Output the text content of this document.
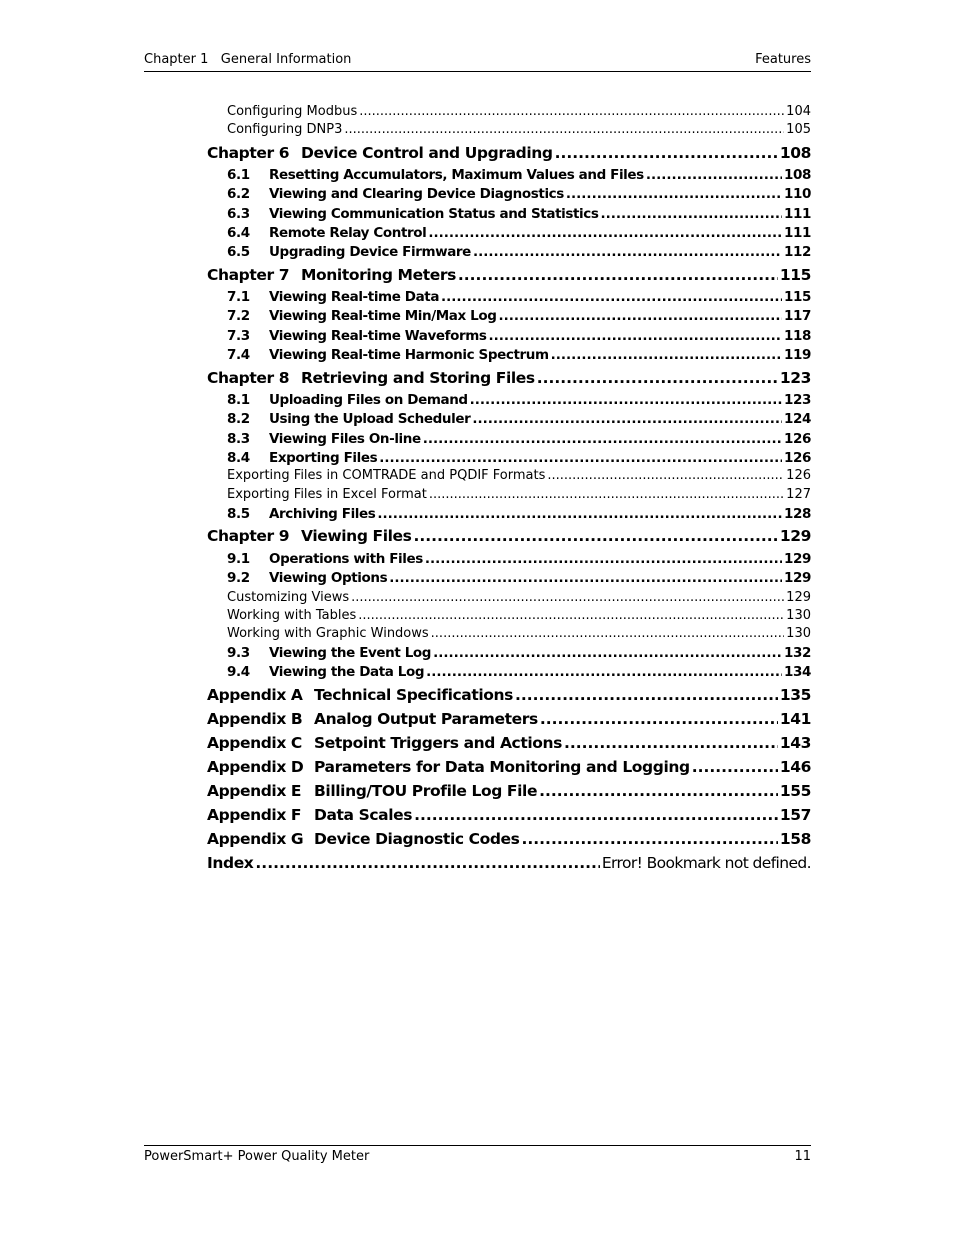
Chapter 1   General Information	Features
Configuring Modbus .....	104
Configuring DNP3 .....	105
Chapter 6 Device Control and Upgrading .....	108
6.1 Resetting Accumulators, Maximum Values and Files .....	108
6.2 Viewing and Clearing Device Diagnostics .....	110
6.3 Viewing Communication Status and Statistics .....	111
6.4 Remote Relay Control .....	111
6.5 Upgrading Device Firmware .....	112
Chapter 7 Monitoring Meters .....	115
7.1 Viewing Real-time Data .....	115
7.2 Viewing Real-time Min/Max Log .....	117
7.3 Viewing Real-time Waveforms .....	118
7.4 Viewing Real-time Harmonic Spectrum .....	119
Chapter 8 Retrieving and Storing Files .....	123
8.1 Uploading Files on Demand .....	123
8.2 Using the Upload Scheduler .....	124
8.3 Viewing Files On-line .....	126
8.4 Exporting Files .....	126
Exporting Files in COMTRADE and PQDIF Formats .....	126
Exporting Files in Excel Format .....	127
8.5 Archiving Files .....	128
Chapter 9 Viewing Files .....	129
9.1 Operations with Files .....	129
9.2 Viewing Options .....	129
Customizing Views .....	129
Working with Tables .....	130
Working with Graphic Windows .....	130
9.3 Viewing the Event Log .....	132
9.4 Viewing the Data Log .....	134
Appendix A Technical Specifications .....	135
Appendix B Analog Output Parameters .....	141
Appendix C Setpoint Triggers and Actions .....	143
Appendix D Parameters for Data Monitoring and Logging .....	146
Appendix E Billing/TOU Profile Log File .....	155
Appendix F Data Scales .....	157
Appendix G Device Diagnostic Codes .....	158
Index .....	Error! Bookmark not defined.
PowerSmart+ Power Quality Meter	11
